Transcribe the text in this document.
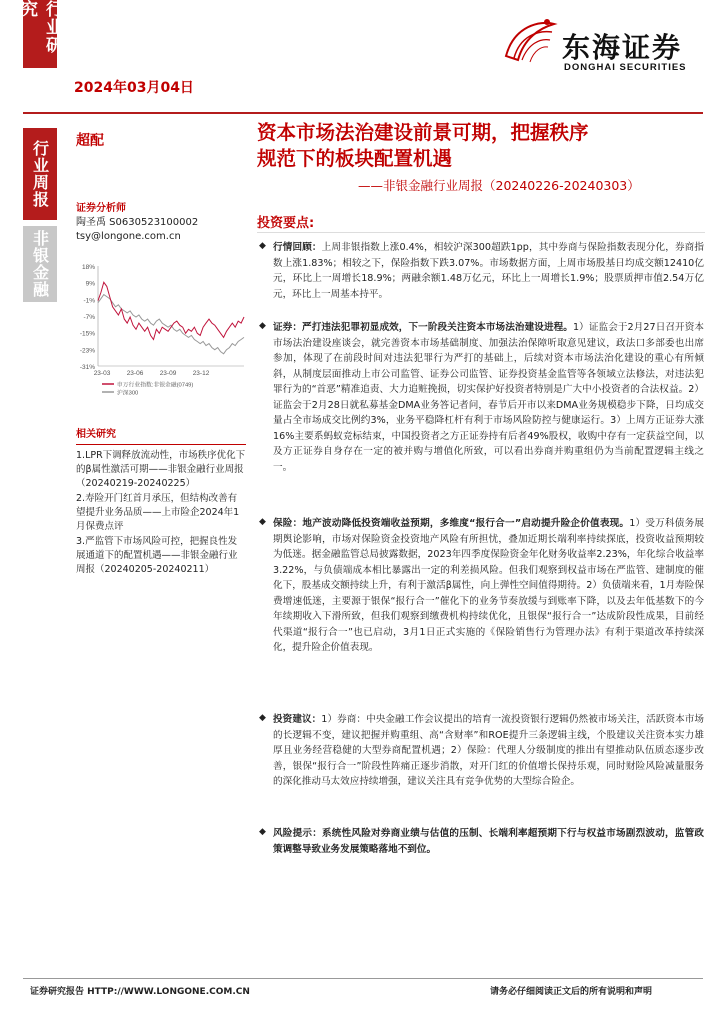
行业研究
2024年03月04日
东海证券
DONGHAI SECURITIES
行业周报
非银金融
超配	资本市场法治建设前景可期，把握秩序
规范下的板块配置机遇
——非银金融行业周报（20240226-20240303）
证券分析师
陶圣禹 S0630523100002
tsy@longone.com.cn
18%
9%
-1%
-7%
-15%
-23%
-31%
23-03	23-06	23-09	23-12
申万行业指数:非银金融(0749)
沪深300
相关研究
1.LPR下调释放流动性，市场秩序优化下的β属性激活可期——非银金融行业周报（20240219-20240225）
2.寿险开门红首月承压，但结构改善有望提升业务品质——上市险企2024年1月保费点评
3.严监管下市场风险可控，把握良性发展通道下的配置机遇——非银金融行业周报（20240205-20240211）
投资要点:
◆ 行情回顾：上周非银指数上涨0.4%，相较沪深300超跌1pp，其中券商与保险指数表现分化，券商指数上涨1.83%；相较之下，保险指数下跌3.07%。市场数据方面，上周市场股基日均成交额12410亿元，环比上一周增长18.9%；两融余额1.48万亿元，环比上一周增长1.9%；股票质押市值2.54万亿元，环比上一周基本持平。
◆ 证券：严打违法犯罪初显成效，下一阶段关注资本市场法治建设进程。1）证监会于2月27日召开资本市场法治建设座谈会，就完善资本市场基础制度、加强法治保障听取意见建议，政法口多部委也出席参加，体现了在前段时间对违法犯罪行为严打的基础上，后续对资本市场法治化建设的重心有所倾斜，从制度层面推动上市公司监管、证券公司监管、证券投资基金监管等各领域立法修法，对违法犯罪行为的“首恶”精准追责、大力追赃挽损，切实保护好投资者特别是广大中小投资者的合法权益。2）证监会于2月28日就私募基金DMA业务答记者问，春节后开市以来DMA业务规模稳步下降，日均成交量占全市场成交比例约3%，业务平稳降杠杆有利于市场风险防控与健康运行。3）上周方正证券大涨16%主要系蚂蚁竞标结束，中国投资者之方正证券持有后者49%股权，收购中存有一定获益空间，以及方正证券自身存在一定的被并购与增值化所致，可以看出券商并购重组仍为当前配置逻辑主线之一。
◆ 保险：地产波动降低投资端收益预期，多维度“报行合一”启动提升险企价值表现。1）受万科债务展期舆论影响，市场对保险资金投资地产风险有所担忧，叠加近期长端利率持续探底，投资收益预期较为低迷。据金融监管总局披露数据，2023年四季度保险资金年化财务收益率2.23%，年化综合收益率3.22%，与负债端成本相比暴露出一定的利差损风险。但我们观察到权益市场在严监管、建制度的催化下，股基成交额持续上升，有利于激活β属性，向上弹性空间值得期待。2）负债端来看，1月寿险保费增速低迷，主要源于银保“报行合一”催化下的业务节奏放缓与到账率下降，以及去年低基数下的今年续期收入下滑所致，但我们观察到缴费机构持续优化，且银保“报行合一”达成阶段性成果，目前经代渠道“报行合一”也已启动，3月1日正式实施的《保险销售行为管理办法》有利于渠道改革持续深化，提升险企价值表现。
◆ 投资建议：1）券商：中央金融工作会议提出的培育一流投资银行逻辑仍然被市场关注，活跃资本市场的长逻辑不变，建议把握并购重组、高“含财率”和ROE提升三条逻辑主线，个股建议关注资本实力雄厚且业务经营稳健的大型券商配置机遇；2）保险：代理人分级制度的推出有望推动队伍质态逐步改善，银保“报行合一”阶段性阵痛正逐步消散，对开门红的价值增长保持乐观，同时财险风险减量服务的深化推动马太效应持续增强，建议关注具有竞争优势的大型综合险企。
◆ 风险提示：系统性风险对券商业绩与估值的压制、长端利率超预期下行与权益市场剧烈波动，监管政策调整导致业务发展策略落地不到位。
证券研究报告 HTTP://WWW.LONGONE.COM.CN	请务必仔细阅读正文后的所有说明和声明
